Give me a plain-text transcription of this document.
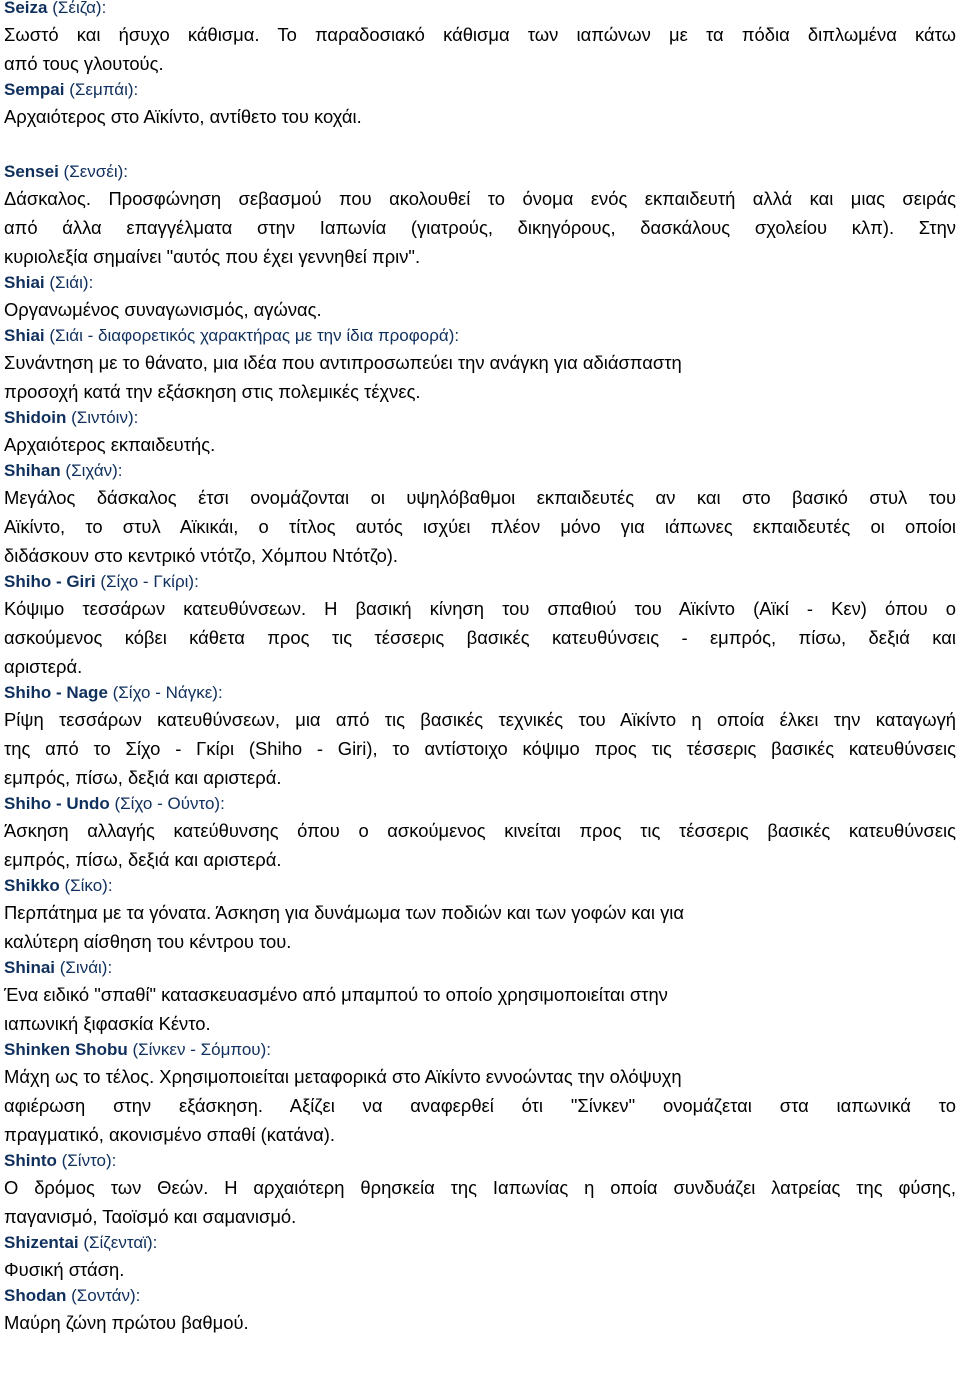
Seiza (Σέιζα):

Σωστό και ήσυχο κάθισμα. Το παραδοσιακό κάθισμα των ιαπώνων με τα πόδια διπλωμένα κάτω

από τους γλουτούς.

Sempai (Σεμπάι):

Αρχαιότερος στο Αϊκίντο, αντίθετο του κοχάι.

Sensei (Σενσέι):

Δάσκαλος. Προσφώνηση σεβασμού που ακολουθεί το όνομα ενός εκπαιδευτή αλλά και μιας σειράς

από άλλα επαγγέλματα στην Ιαπωνία (γιατρούς, δικηγόρους, δασκάλους σχολείου κλπ). Στην

κυριολεξία σημαίνει "αυτός που έχει γεννηθεί πριν".

Shiai (Σιάι):

Οργανωμένος συναγωνισμός, αγώνας.

Shiai (Σιάι - διαφορετικός χαρακτήρας με την ίδια προφορά):

Συνάντηση με το θάνατο, μια ιδέα που αντιπροσωπεύει την ανάγκη για αδιάσπαστη

προσοχή κατά την εξάσκηση στις πολεμικές τέχνες.

Shidoin (Σιντόιν):

Αρχαιότερος εκπαιδευτής.

Shihan (Σιχάν):

Μεγάλος δάσκαλος έτσι ονομάζονται οι υψηλόβαθμοι εκπαιδευτές αν και στο βασικό στυλ του

Αϊκίντο, το στυλ Αϊκικάι, ο τίτλος αυτός ισχύει πλέον μόνο για ιάπωνες εκπαιδευτές οι οποίοι

διδάσκουν στο κεντρικό ντότζο, Χόμπου Ντότζο).

Shiho - Giri (Σίχο - Γκίρι):

Κόψιμο τεσσάρων κατευθύνσεων. Η βασική κίνηση του σπαθιού του Αϊκίντο (Αϊκί - Κεν) όπου ο

ασκούμενος κόβει κάθετα προς τις τέσσερις βασικές κατευθύνσεις - εμπρός, πίσω, δεξιά και

αριστερά.

Shiho - Nage (Σίχο - Νάγκε):

Ρίψη τεσσάρων κατευθύνσεων, μια από τις βασικές τεχνικές του Αϊκίντο η οποία έλκει την καταγωγή

της από το Σίχο - Γκίρι (Shiho - Giri), το αντίστοιχο κόψιμο προς τις τέσσερις βασικές κατευθύνσεις

εμπρός, πίσω, δεξιά και αριστερά.

Shiho - Undo (Σίχο - Ούντο):

Άσκηση αλλαγής κατεύθυνσης όπου ο ασκούμενος κινείται προς τις τέσσερις βασικές κατευθύνσεις

εμπρός, πίσω, δεξιά και αριστερά.

Shikko (Σίκο):

Περπάτημα με τα γόνατα. Άσκηση για δυνάμωμα των ποδιών και των γοφών και για

καλύτερη αίσθηση του κέντρου του.

Shinai (Σινάι):

Ένα ειδικό "σπαθί" κατασκευασμένο από μπαμπού το οποίο χρησιμοποιείται στην

ιαπωνική ξιφασκία Κέντο.

Shinken Shobu (Σίνκεν - Σόμπου):

Μάχη ως το τέλος. Χρησιμοποιείται μεταφορικά στο Αϊκίντο εννοώντας την ολόψυχη

αφιέρωση στην εξάσκηση. Αξίζει να αναφερθεί ότι "Σίνκεν" ονομάζεται στα ιαπωνικά το

πραγματικό, ακονισμένο σπαθί (κατάνα).

Shinto (Σίντο):

Ο δρόμος των Θεών. Η αρχαιότερη θρησκεία της Ιαπωνίας η οποία συνδυάζει λατρείας της φύσης,

παγανισμό, Ταοϊσμό και σαμανισμό.

Shizentai (Σίζενταϊ):

Φυσική στάση.

Shodan (Σοντάν):

Μαύρη ζώνη πρώτου βαθμού.
